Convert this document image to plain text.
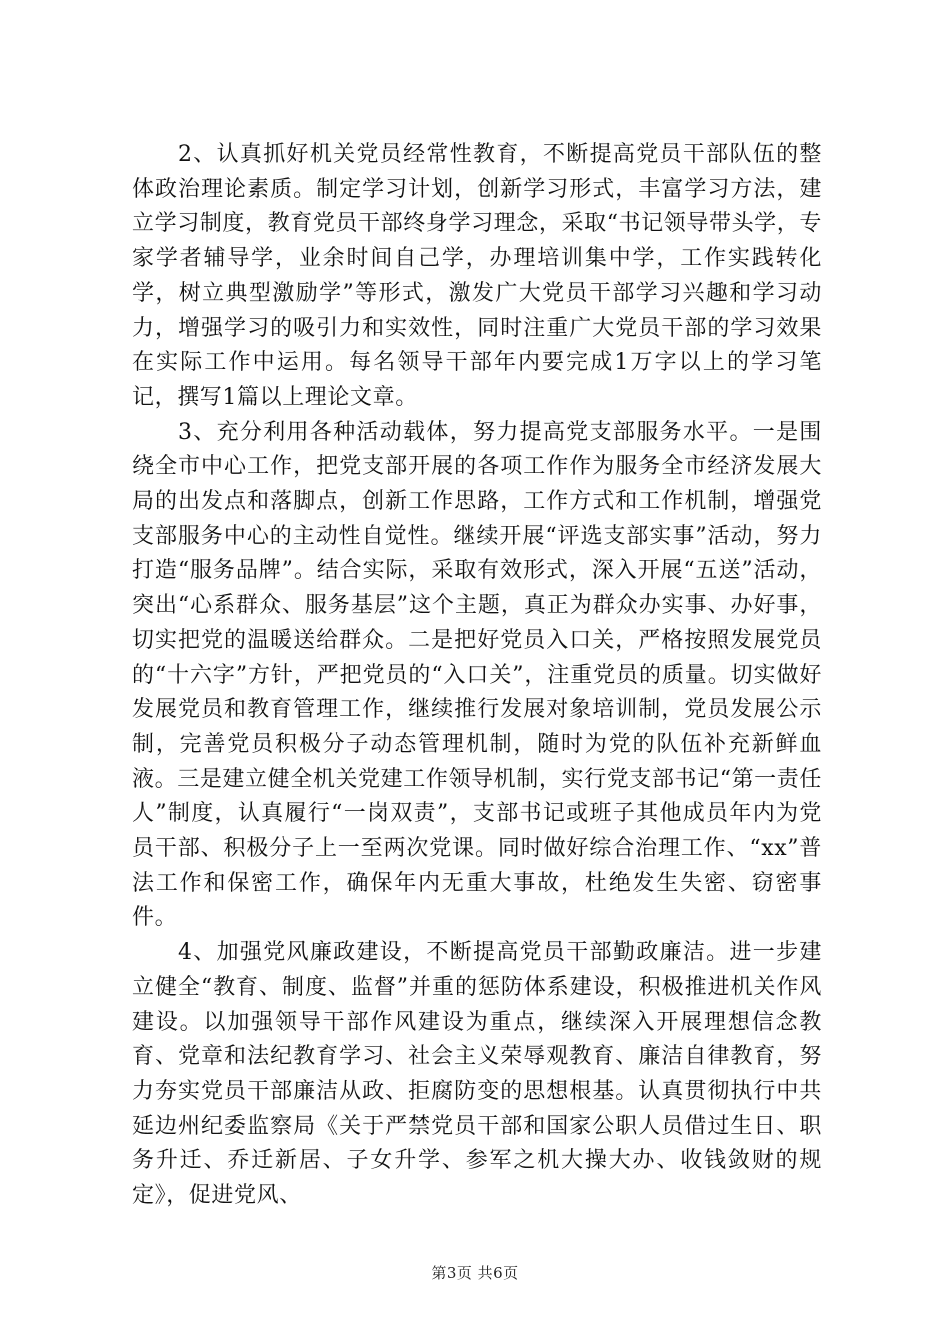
2、认真抓好机关党员经常性教育，不断提高党员干部队伍的整体政治理论素质。制定学习计划，创新学习形式，丰富学习方法，建立学习制度，教育党员干部终身学习理念，采取“书记领导带头学，专家学者辅导学，业余时间自己学，办理培训集中学，工作实践转化学，树立典型激励学”等形式，激发广大党员干部学习兴趣和学习动力，增强学习的吸引力和实效性，同时注重广大党员干部的学习效果在实际工作中运用。每名领导干部年内要完成1万字以上的学习笔记，撰写1篇以上理论文章。

3、充分利用各种活动载体，努力提高党支部服务水平。一是围绕全市中心工作，把党支部开展的各项工作作为服务全市经济发展大局的出发点和落脚点，创新工作思路，工作方式和工作机制，增强党支部服务中心的主动性自觉性。继续开展“评选支部实事”活动，努力打造“服务品牌”。结合实际，采取有效形式，深入开展“五送”活动，突出“心系群众、服务基层”这个主题，真正为群众办实事、办好事，切实把党的温暖送给群众。二是把好党员入口关，严格按照发展党员的“十六字”方针，严把党员的“入口关”，注重党员的质量。切实做好发展党员和教育管理工作，继续推行发展对象培训制，党员发展公示制，完善党员积极分子动态管理机制，随时为党的队伍补充新鲜血液。三是建立健全机关党建工作领导机制，实行党支部书记“第一责任人”制度，认真履行“一岗双责”，支部书记或班子其他成员年内为党员干部、积极分子上一至两次党课。同时做好综合治理工作、“xx”普法工作和保密工作，确保年内无重大事故，杜绝发生失密、窃密事件。

4、加强党风廉政建设，不断提高党员干部勤政廉洁。进一步建立健全“教育、制度、监督”并重的惩防体系建设，积极推进机关作风建设。以加强领导干部作风建设为重点，继续深入开展理想信念教育、党章和法纪教育学习、社会主义荣辱观教育、廉洁自律教育，努力夯实党员干部廉洁从政、拒腐防变的思想根基。认真贯彻执行中共延边州纪委监察局《关于严禁党员干部和国家公职人员借过生日、职务升迁、乔迁新居、子女升学、参军之机大操大办、收钱敛财的规定》，促进党风、

第3页 共6页
